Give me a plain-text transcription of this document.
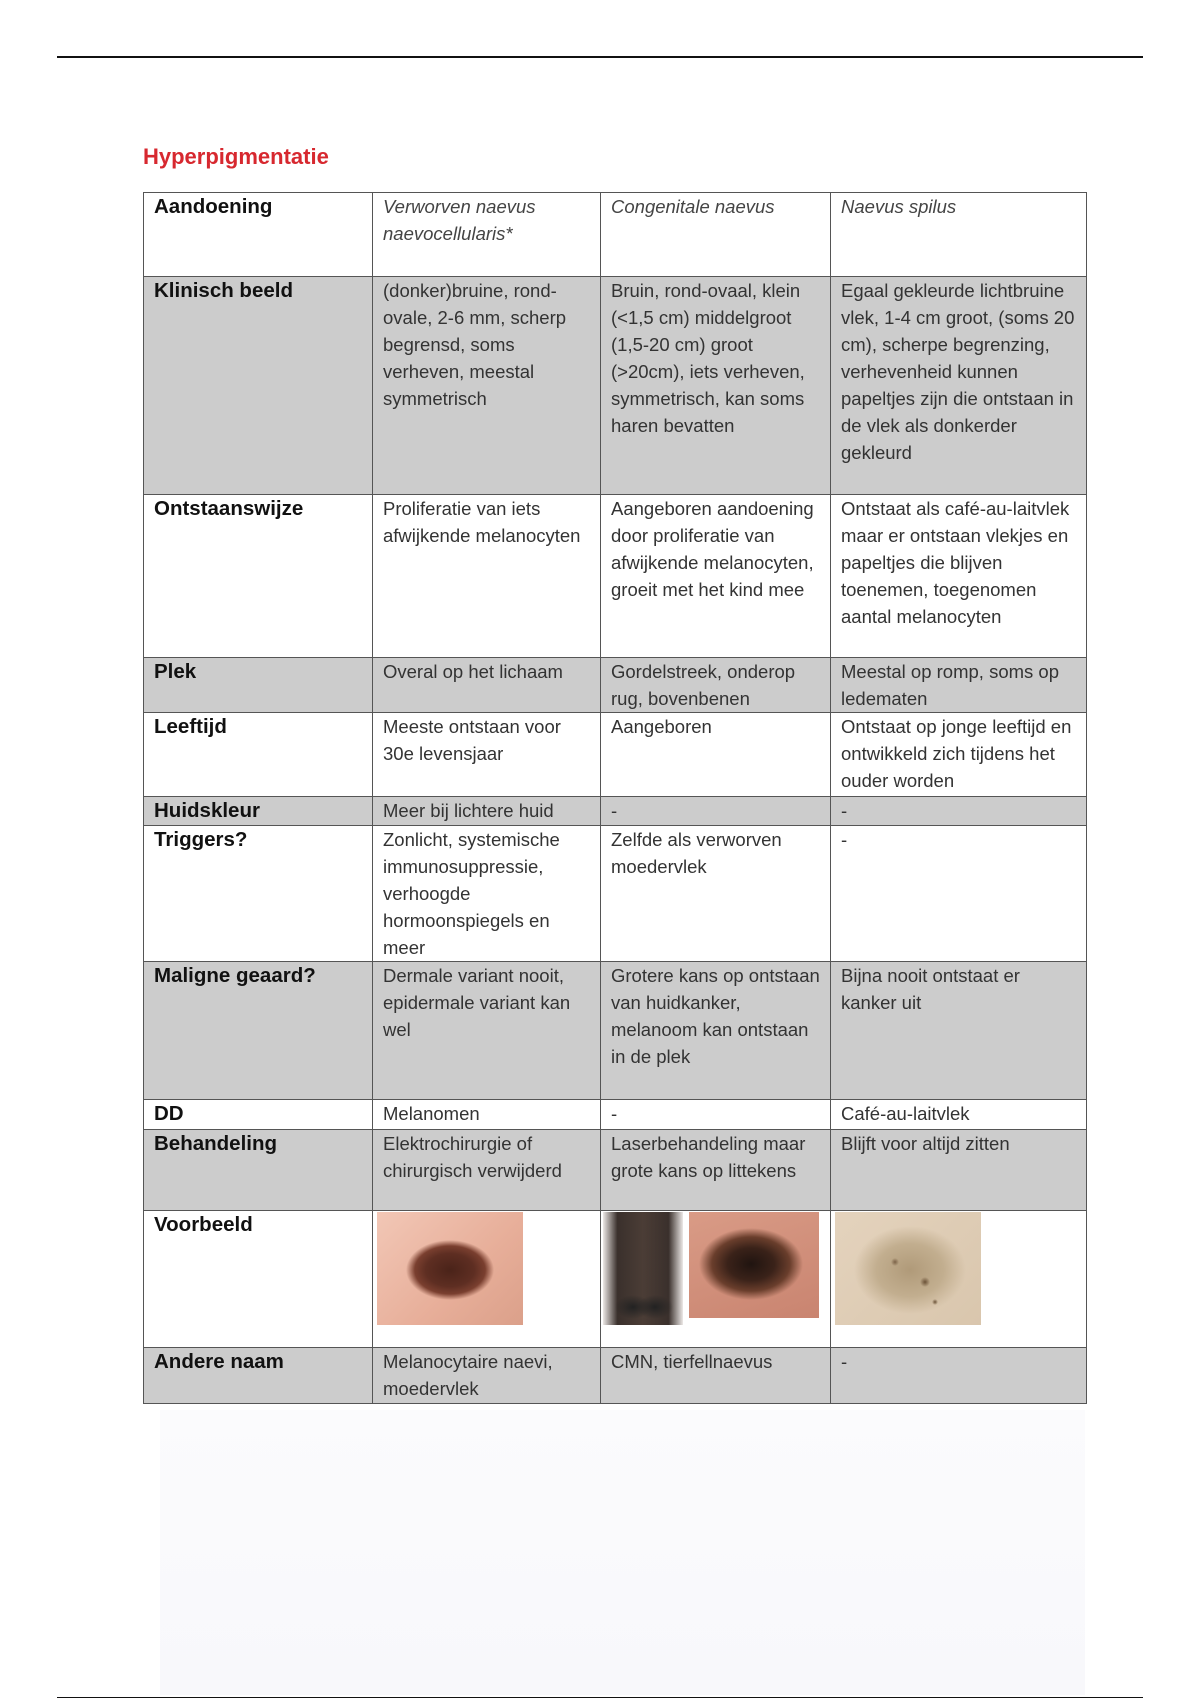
Hyperpigmentatie
Aandoening	Verworven naevus naevocellularis*	Congenitale naevus	Naevus spilus
Klinisch beeld	(donker)bruine, rond-ovale, 2-6 mm, scherp begrensd, soms verheven, meestal symmetrisch	Bruin, rond-ovaal, klein (<1,5 cm) middelgroot (1,5-20 cm) groot (>20cm), iets verheven, symmetrisch, kan soms haren bevatten	Egaal gekleurde lichtbruine vlek, 1-4 cm groot, (soms 20 cm), scherpe begrenzing, verhevenheid kunnen papeltjes zijn die ontstaan in de vlek als donkerder gekleurd
Ontstaanswijze	Proliferatie van iets afwijkende melanocyten	Aangeboren aandoening door proliferatie van afwijkende melanocyten, groeit met het kind mee	Ontstaat als café-au-laitvlek maar er ontstaan vlekjes en papeltjes die blijven toenemen, toegenomen aantal melanocyten
Plek	Overal op het lichaam	Gordelstreek, onderop rug, bovenbenen	Meestal op romp, soms op ledematen
Leeftijd	Meeste ontstaan voor 30e levensjaar	Aangeboren	Ontstaat op jonge leeftijd en ontwikkeld zich tijdens het ouder worden
Huidskleur	Meer bij lichtere huid	-	-
Triggers?	Zonlicht, systemische immunosuppressie, verhoogde hormoonspiegels en meer	Zelfde als verworven moedervlek	-
Maligne geaard?	Dermale variant nooit, epidermale variant kan wel	Grotere kans op ontstaan van huidkanker, melanoom kan ontstaan in de plek	Bijna nooit ontstaat er kanker uit
DD	Melanomen	-	Café-au-laitvlek
Behandeling	Elektrochirurgie of chirurgisch verwijderd	Laserbehandeling maar grote kans op littekens	Blijft voor altijd zitten
Voorbeeld			
Andere naam	Melanocytaire naevi, moedervlek	CMN, tierfellnaevus	-
